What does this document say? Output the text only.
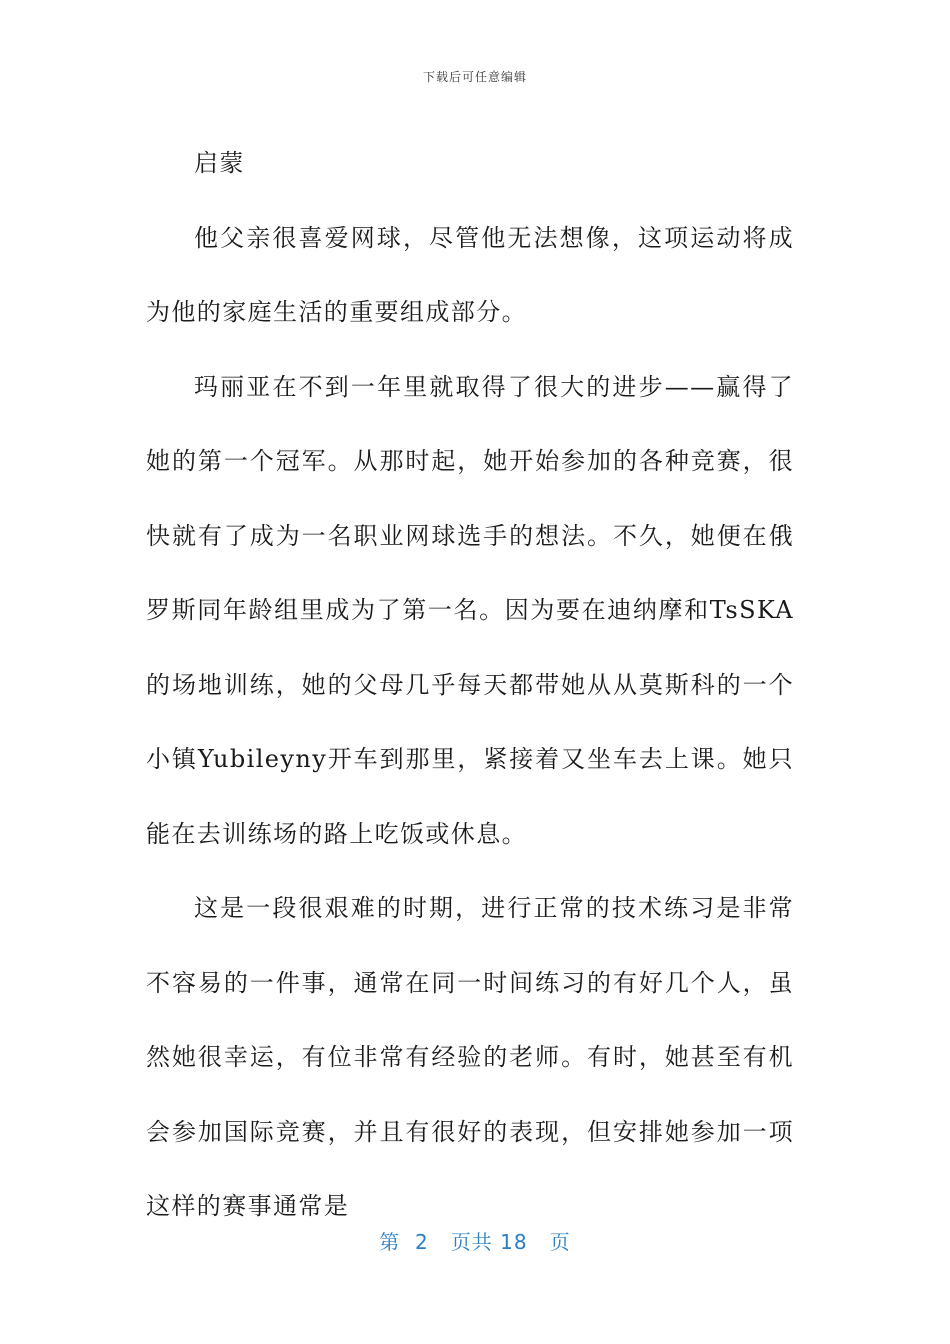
下载后可任意编辑

启蒙

他父亲很喜爱网球，尽管他无法想像，这项运动将成为他的家庭生活的重要组成部分。

玛丽亚在不到一年里就取得了很大的进步——赢得了她的第一个冠军。从那时起，她开始参加的各种竞赛，很快就有了成为一名职业网球选手的想法。不久，她便在俄罗斯同年龄组里成为了第一名。因为要在迪纳摩和TsSKA的场地训练，她的父母几乎每天都带她从从莫斯科的一个小镇Yubileyny开车到那里，紧接着又坐车去上课。她只能在去训练场的路上吃饭或休息。

这是一段很艰难的时期，进行正常的技术练习是非常不容易的一件事，通常在同一时间练习的有好几个人，虽然她很幸运，有位非常有经验的老师。有时，她甚至有机会参加国际竞赛，并且有很好的表现，但安排她参加一项这样的赛事通常是

第 2 页共 18 页
